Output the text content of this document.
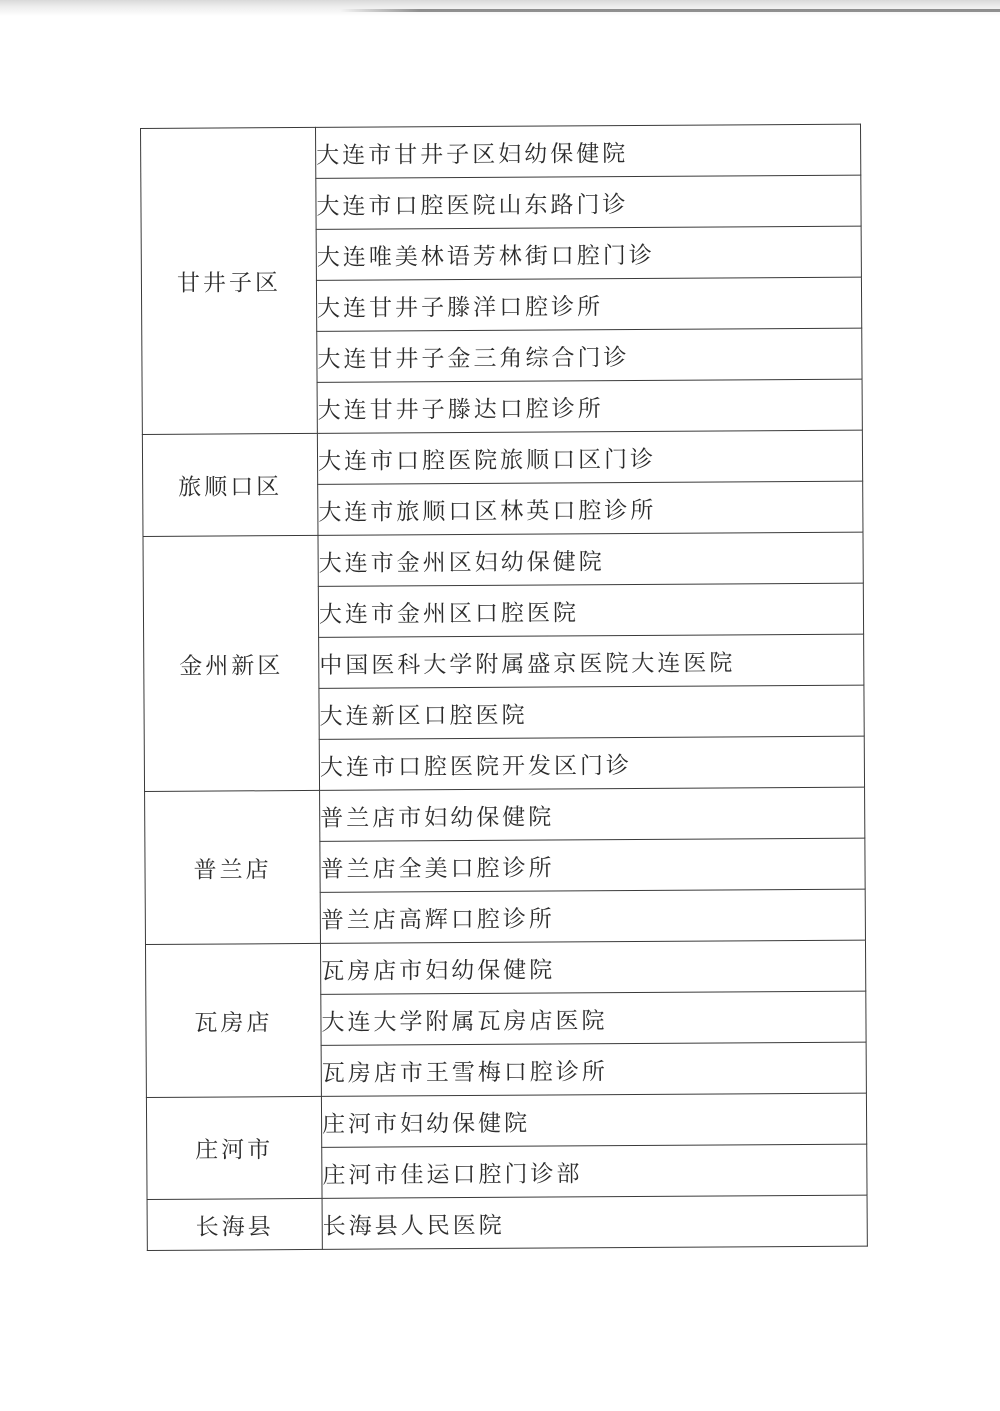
甘井子区	大连市甘井子区妇幼保健院
	大连市口腔医院山东路门诊
	大连唯美林语芳林街口腔门诊
	大连甘井子滕洋口腔诊所
	大连甘井子金三角综合门诊
	大连甘井子滕达口腔诊所
旅顺口区	大连市口腔医院旅顺口区门诊
	大连市旅顺口区林英口腔诊所
金州新区	大连市金州区妇幼保健院
	大连市金州区口腔医院
	中国医科大学附属盛京医院大连医院
	大连新区口腔医院
	大连市口腔医院开发区门诊
普兰店	普兰店市妇幼保健院
	普兰店全美口腔诊所
	普兰店高辉口腔诊所
瓦房店	瓦房店市妇幼保健院
	大连大学附属瓦房店医院
	瓦房店市王雪梅口腔诊所
庄河市	庄河市妇幼保健院
	庄河市佳运口腔门诊部
长海县	长海县人民医院
